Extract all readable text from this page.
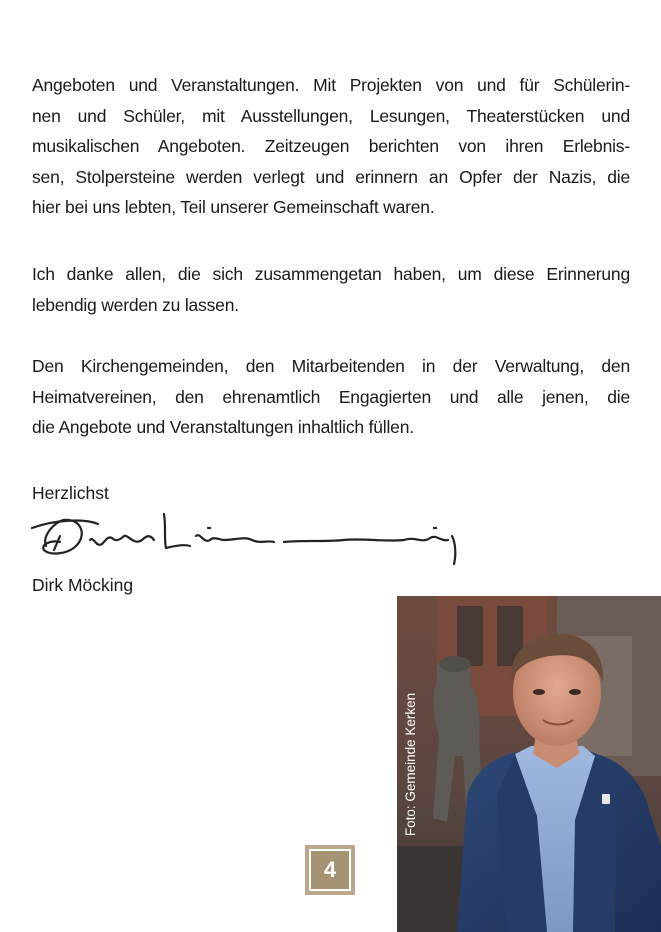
Angeboten und Veranstaltungen. Mit Projekten von und für Schülerin-
nen und Schüler, mit Ausstellungen, Lesungen, Theaterstücken und
musikalischen Angeboten. Zeitzeugen berichten von ihren Erlebnis-
sen, Stolpersteine werden verlegt und erinnern an Opfer der Nazis, die
hier bei uns lebten, Teil unserer Gemeinschaft waren.
Ich danke allen, die sich zusammengetan haben, um diese Erinnerung
lebendig werden zu lassen.
Den Kirchengemeinden, den Mitarbeitenden in der Verwaltung, den
Heimatvereinen, den ehrenamtlich Engagierten und alle jenen, die
die Angebote und Veranstaltungen inhaltlich füllen.
Herzlichst
Dirk Möcking
Foto: Gemeinde Kerken
4
